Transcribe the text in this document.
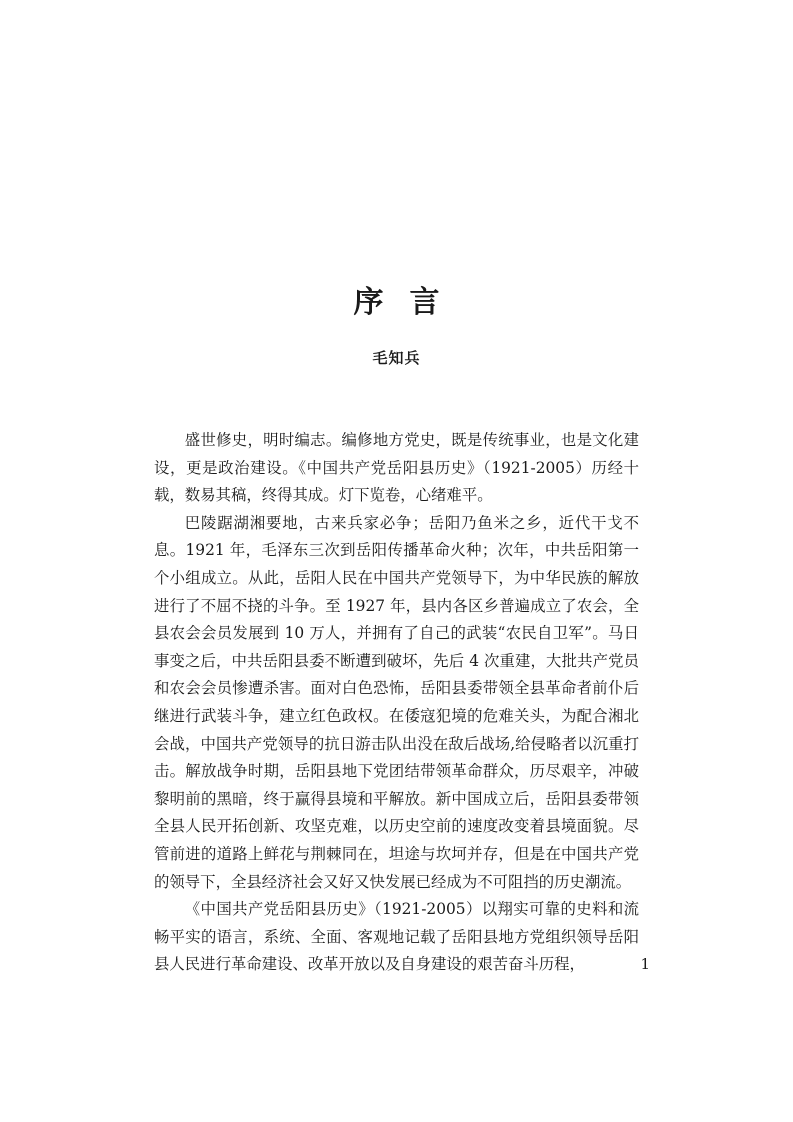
序言
毛知兵

盛世修史，明时编志。编修地方党史，既是传统事业，也是文化建设，更是政治建设。《中国共产党岳阳县历史》（1921-2005）历经十载，数易其稿，终得其成。灯下览卷，心绪难平。

巴陵踞湖湘要地，古来兵家必争；岳阳乃鱼米之乡，近代干戈不息。1921 年，毛泽东三次到岳阳传播革命火种；次年，中共岳阳第一个小组成立。从此，岳阳人民在中国共产党领导下，为中华民族的解放进行了不屈不挠的斗争。至 1927 年，县内各区乡普遍成立了农会，全县农会会员发展到 10 万人，并拥有了自己的武装“农民自卫军”。马日事变之后，中共岳阳县委不断遭到破坏，先后 4 次重建，大批共产党员和农会会员惨遭杀害。面对白色恐怖，岳阳县委带领全县革命者前仆后继进行武装斗争，建立红色政权。在倭寇犯境的危难关头，为配合湘北会战，中国共产党领导的抗日游击队出没在敌后战场,给侵略者以沉重打击。解放战争时期，岳阳县地下党团结带领革命群众，历尽艰辛，冲破黎明前的黑暗，终于赢得县境和平解放。新中国成立后，岳阳县委带领全县人民开拓创新、攻坚克难，以历史空前的速度改变着县境面貌。尽管前进的道路上鲜花与荆棘同在，坦途与坎坷并存，但是在中国共产党的领导下，全县经济社会又好又快发展已经成为不可阻挡的历史潮流。

《中国共产党岳阳县历史》（1921-2005）以翔实可靠的史料和流畅平实的语言，系统、全面、客观地记载了岳阳县地方党组织领导岳阳县人民进行革命建设、改革开放以及自身建设的艰苦奋斗历程，	1
